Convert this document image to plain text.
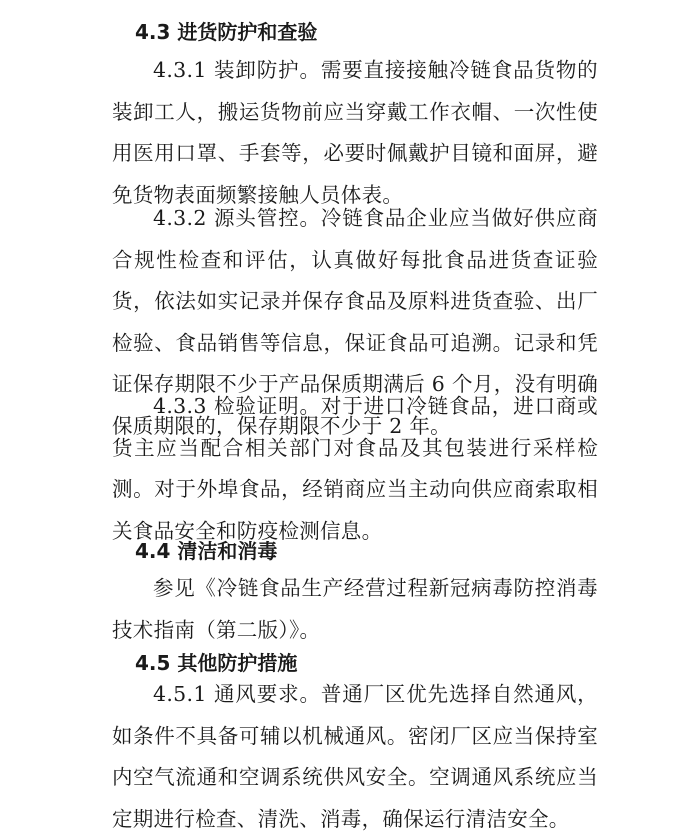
4.3 进货防护和查验
4.3.1 装卸防护。需要直接接触冷链食品货物的装卸工人，搬运货物前应当穿戴工作衣帽、一次性使用医用口罩、手套等，必要时佩戴护目镜和面屏，避免货物表面频繁接触人员体表。
4.3.2 源头管控。冷链食品企业应当做好供应商合规性检查和评估，认真做好每批食品进货查证验货，依法如实记录并保存食品及原料进货查验、出厂检验、食品销售等信息，保证食品可追溯。记录和凭证保存期限不少于产品保质期满后 6 个月，没有明确保质期限的，保存期限不少于 2 年。
4.3.3 检验证明。对于进口冷链食品，进口商或货主应当配合相关部门对食品及其包装进行采样检测。对于外埠食品，经销商应当主动向供应商索取相关食品安全和防疫检测信息。
4.4 清洁和消毒
参见《冷链食品生产经营过程新冠病毒防控消毒技术指南（第二版）》。
4.5 其他防护措施
4.5.1 通风要求。普通厂区优先选择自然通风，如条件不具备可辅以机械通风。密闭厂区应当保持室内空气流通和空调系统供风安全。空调通风系统应当定期进行检查、清洗、消毒，确保运行清洁安全。
